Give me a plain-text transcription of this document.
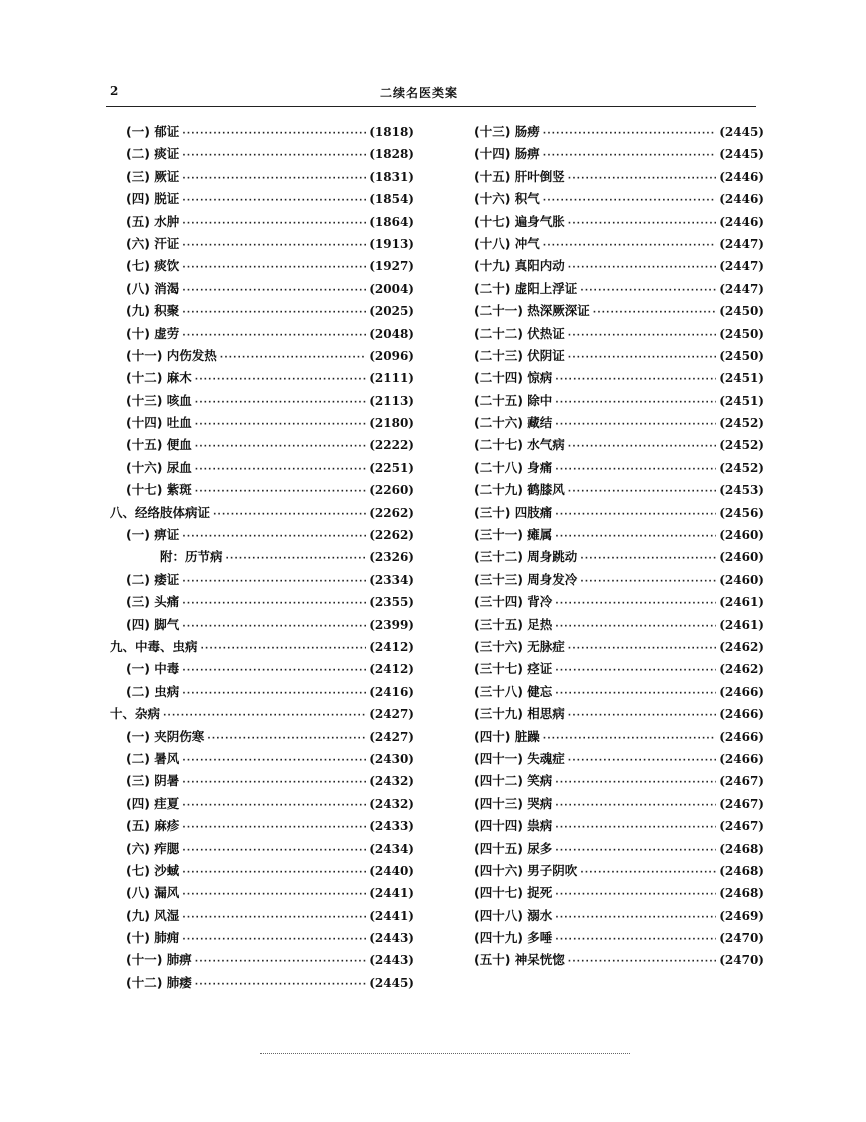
2	二续名医类案
(一) 郁证 ·····	(1818)
(二) 痰证 ·····	(1828)
(三) 厥证 ·····	(1831)
(四) 脱证 ·····	(1854)
(五) 水肿 ·····	(1864)
(六) 汗证 ·····	(1913)
(七) 痰饮 ·····	(1927)
(八) 消渴 ·····	(2004)
(九) 积聚 ·····	(2025)
(十) 虚劳 ·····	(2048)
(十一) 内伤发热 ·····	(2096)
(十二) 麻木 ·····	(2111)
(十三) 咳血 ·····	(2113)
(十四) 吐血 ·····	(2180)
(十五) 便血 ·····	(2222)
(十六) 尿血 ·····	(2251)
(十七) 紫斑 ·····	(2260)
八、经络肢体病证 ·····	(2262)
(一) 痹证 ·····	(2262)
附：历节病 ·····	(2326)
(二) 痿证 ·····	(2334)
(三) 头痛 ·····	(2355)
(四) 脚气 ·····	(2399)
九、中毒、虫病 ·····	(2412)
(一) 中毒 ·····	(2412)
(二) 虫病 ·····	(2416)
十、杂病 ·····	(2427)
(一) 夹阴伤寒 ·····	(2427)
(二) 暑风 ·····	(2430)
(三) 阴暑 ·····	(2432)
(四) 疰夏 ·····	(2432)
(五) 麻疹 ·····	(2433)
(六) 痄腮 ·····	(2434)
(七) 沙蜮 ·····	(2440)
(八) 漏风 ·····	(2441)
(九) 风湿 ·····	(2441)
(十) 肺痈 ·····	(2443)
(十一) 肺痹 ·····	(2443)
(十二) 肺痿 ·····	(2445)
(十三) 肠痨 ·····	(2445)
(十四) 肠痹 ·····	(2445)
(十五) 肝叶倒竖 ·····	(2446)
(十六) 积气 ·····	(2446)
(十七) 遍身气胀 ·····	(2446)
(十八) 冲气 ·····	(2447)
(十九) 真阳内动 ·····	(2447)
(二十) 虚阳上浮证 ·····	(2447)
(二十一) 热深厥深证 ·····	(2450)
(二十二) 伏热证 ·····	(2450)
(二十三) 伏阴证 ·····	(2450)
(二十四) 惊病 ·····	(2451)
(二十五) 除中 ·····	(2451)
(二十六) 藏结 ·····	(2452)
(二十七) 水气病 ·····	(2452)
(二十八) 身痛 ·····	(2452)
(二十九) 鹤膝风 ·····	(2453)
(三十) 四肢痛 ·····	(2456)
(三十一) 瘫属 ·····	(2460)
(三十二) 周身跳动 ·····	(2460)
(三十三) 周身发冷 ·····	(2460)
(三十四) 背冷 ·····	(2461)
(三十五) 足热 ·····	(2461)
(三十六) 无脉症 ·····	(2462)
(三十七) 痉证 ·····	(2462)
(三十八) 健忘 ·····	(2466)
(三十九) 相思病 ·····	(2466)
(四十) 脏躁 ·····	(2466)
(四十一) 失魂症 ·····	(2466)
(四十二) 笑病 ·····	(2467)
(四十三) 哭病 ·····	(2467)
(四十四) 祟病 ·····	(2467)
(四十五) 尿多 ·····	(2468)
(四十六) 男子阴吹 ·····	(2468)
(四十七) 捉死 ·····	(2468)
(四十八) 溺水 ·····	(2469)
(四十九) 多唾 ·····	(2470)
(五十) 神呆恍惚 ·····	(2470)
